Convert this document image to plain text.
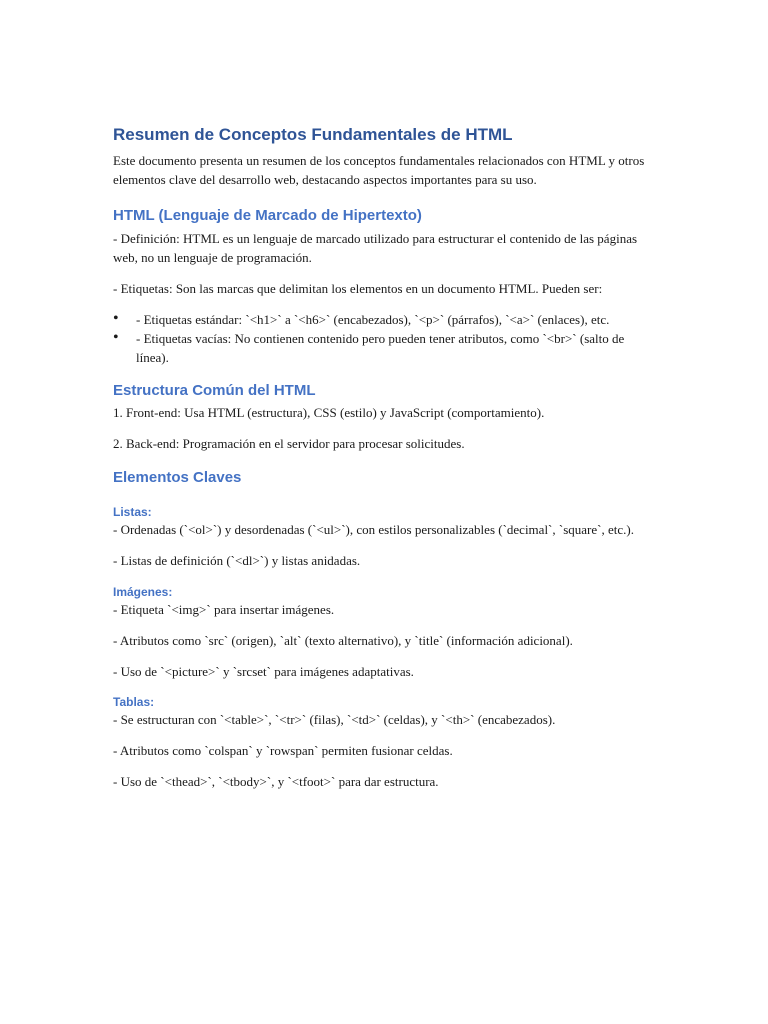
Resumen de Conceptos Fundamentales de HTML

Este documento presenta un resumen de los conceptos fundamentales relacionados con HTML y otros elementos clave del desarrollo web, destacando aspectos importantes para su uso.

HTML (Lenguaje de Marcado de Hipertexto)

- Definición: HTML es un lenguaje de marcado utilizado para estructurar el contenido de las páginas web, no un lenguaje de programación.

- Etiquetas: Son las marcas que delimitan los elementos en un documento HTML. Pueden ser:

• - Etiquetas estándar: `<h1>` a `<h6>` (encabezados), `<p>` (párrafos), `<a>` (enlaces), etc.
• - Etiquetas vacías: No contienen contenido pero pueden tener atributos, como `<br>` (salto de línea).
Estructura Común del HTML

1. Front-end: Usa HTML (estructura), CSS (estilo) y JavaScript (comportamiento).

2. Back-end: Programación en el servidor para procesar solicitudes.

Elementos Claves
Listas:

- Ordenadas (`<ol>`) y desordenadas (`<ul>`), con estilos personalizables (`decimal`, `square`, etc.).

- Listas de definición (`<dl>`) y listas anidadas.

Imágenes:

- Etiqueta `<img>` para insertar imágenes.

- Atributos como `src` (origen), `alt` (texto alternativo), y `title` (información adicional).

- Uso de `<picture>` y `srcset` para imágenes adaptativas.

Tablas:

- Se estructuran con `<table>`, `<tr>` (filas), `<td>` (celdas), y `<th>` (encabezados).

- Atributos como `colspan` y `rowspan` permiten fusionar celdas.

- Uso de `<thead>`, `<tbody>`, y `<tfoot>` para dar estructura.
